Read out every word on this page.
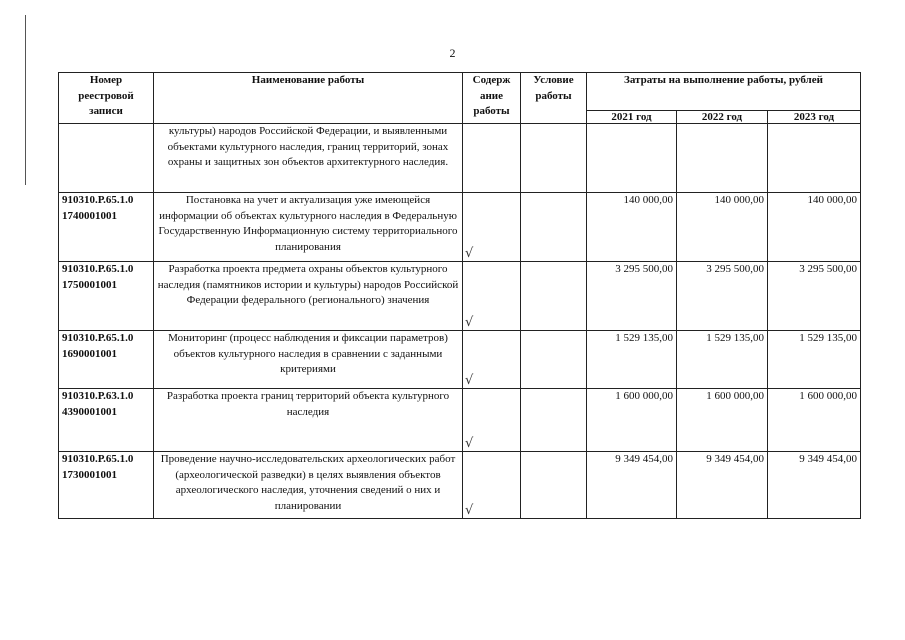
2
Номер реестровой записи	Наименование работы	Содерж ание работы	Условие работы	Затраты на выполнение работы, рублей		
				2021 год	2022 год	2023 год
	культуры) народов Российской Федерации, и выявленными объектами культурного наследия, границ территорий, зонах охраны и защитных зон объектов архитектурного наследия.	

910310.Р.65.1.0 1740001001	Постановка на учет и актуализация уже имеющейся информации об объектах культурного наследия в Федеральную Государственную Информационную систему территориального планирования	√		140 000,00	140 000,00	140 000,00
910310.Р.65.1.0 1750001001	Разработка проекта предмета охраны объектов культурного наследия (памятников истории и культуры) народов Российской Федерации федерального (регионального) значения	√		3 295 500,00	3 295 500,00	3 295 500,00
910310.Р.65.1.0 1690001001	Мониторинг (процесс наблюдения и фиксации параметров) объектов культурного наследия в сравнении с заданными критериями	√		1 529 135,00	1 529 135,00	1 529 135,00
910310.Р.63.1.0 4390001001	Разработка проекта границ территорий объекта культурного наследия	√		1 600 000,00	1 600 000,00	1 600 000,00
910310.Р.65.1.0 1730001001	Проведение научно-исследовательских археологических работ (археологической разведки) в целях выявления объектов археологического наследия, уточнения сведений о них и планировании	√		9 349 454,00	9 349 454,00	9 349 454,00
